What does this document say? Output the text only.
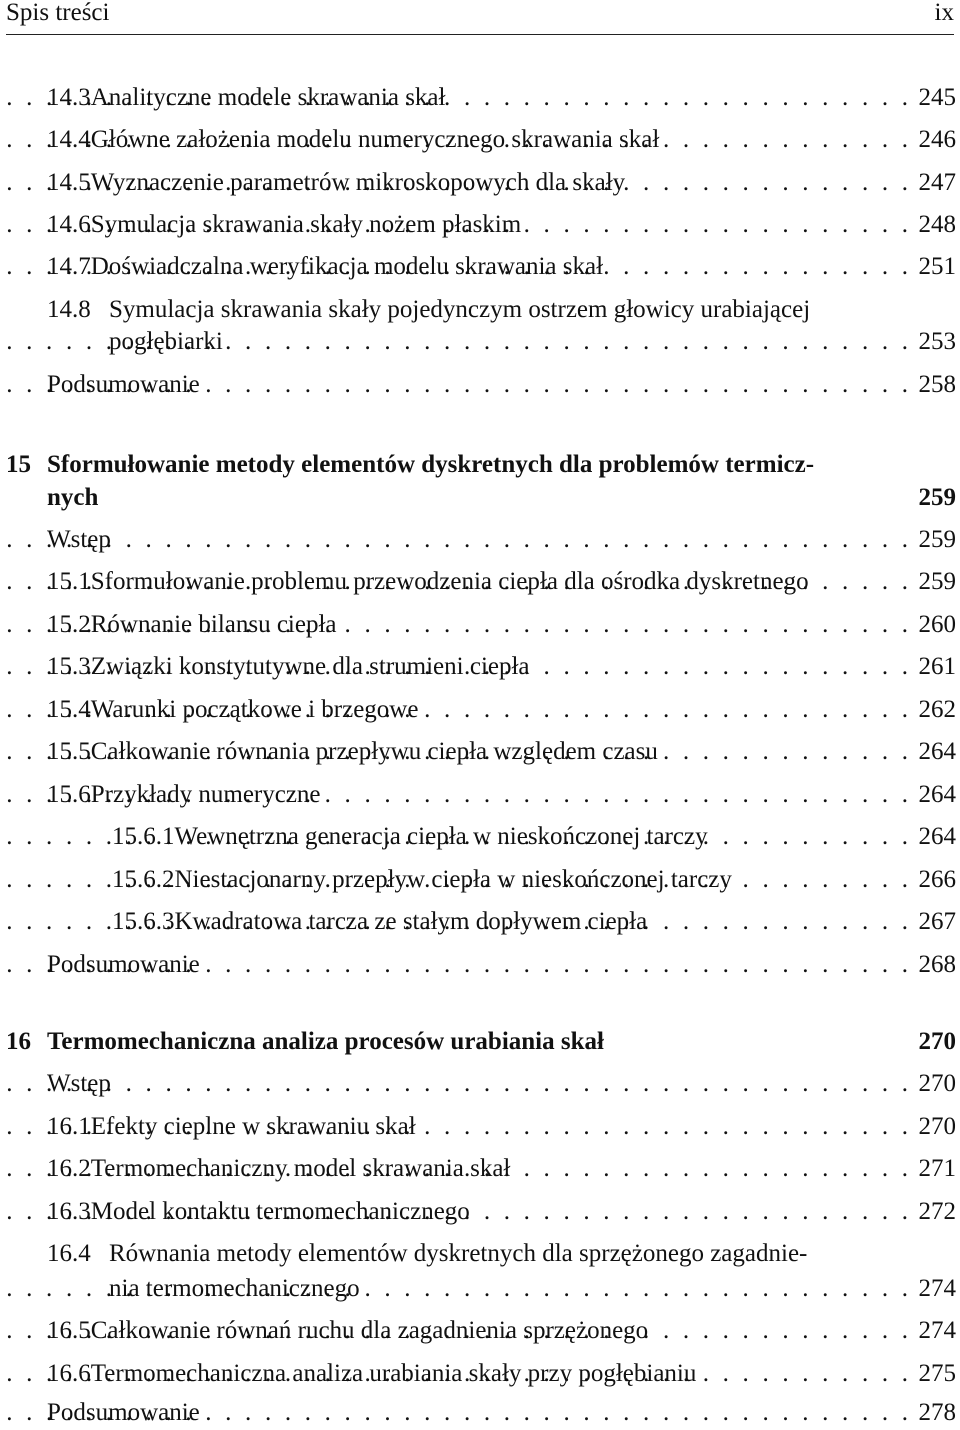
Spis treści	ix
14.3 Analityczne modele skrawania skał . . .	245
14.4 Główne założenia modelu numerycznego skrawania skał . . .	246
14.5 Wyznaczenie parametrów mikroskopowych dla skały . . .	247
14.6 Symulacja skrawania skały nożem płaskim . . .	248
14.7 Doświadczalna weryfikacja modelu skrawania skał . . .	251
14.8 Symulacja skrawania skały pojedynczym ostrzem głowicy urabiającej
pogłębiarki . . .	253
Podsumowanie . . .	258
15 Sformułowanie metody elementów dyskretnych dla problemów termicz-
nych	259
Wstęp . . .	259
15.1 Sformułowanie problemu przewodzenia ciepła dla ośrodka dyskretnego . . .	259
15.2 Równanie bilansu ciepła . . .	260
15.3 Związki konstytutywne dla strumieni ciepła . . .	261
15.4 Warunki początkowe i brzegowe . . .	262
15.5 Całkowanie równania przepływu ciepła względem czasu . . .	264
15.6 Przykłady numeryczne . . .	264
15.6.1 Wewnętrzna generacja ciepła w nieskończonej tarczy . . .	264
15.6.2 Niestacjonarny przepływ ciepła w nieskończonej tarczy . . .	266
15.6.3 Kwadratowa tarcza ze stałym dopływem ciepła . . .	267
Podsumowanie . . .	268
16 Termomechaniczna analiza procesów urabiania skał	270
Wstęp . . .	270
16.1 Efekty cieplne w skrawaniu skał . . .	270
16.2 Termomechaniczny model skrawania skał . . .	271
16.3 Model kontaktu termomechanicznego . . .	272
16.4 Równania metody elementów dyskretnych dla sprzężonego zagadnie-
nia termomechanicznego . . .	274
16.5 Całkowanie równań ruchu dla zagadnienia sprzężonego . . .	274
16.6 Termomechaniczna analiza urabiania skały przy pogłębianiu . . .	275
Podsumowanie . . .	278
